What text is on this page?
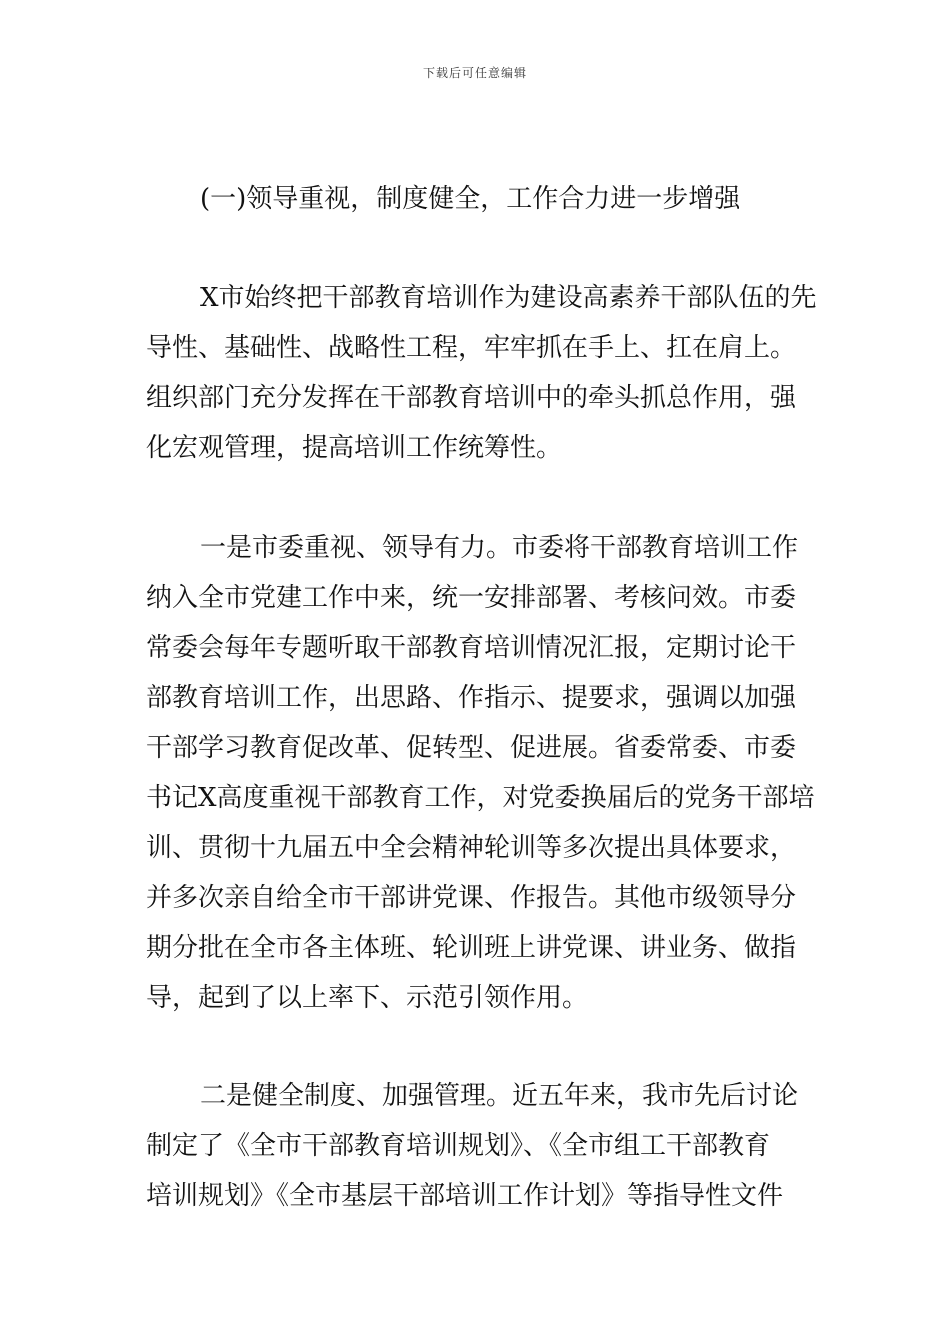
下载后可任意编辑
(一)领导重视，制度健全，工作合力进一步增强
X市始终把干部教育培训作为建设高素养干部队伍的先
导性、基础性、战略性工程，牢牢抓在手上、扛在肩上。
组织部门充分发挥在干部教育培训中的牵头抓总作用，强
化宏观管理，提高培训工作统筹性。
一是市委重视、领导有力。市委将干部教育培训工作
纳入全市党建工作中来，统一安排部署、考核问效。市委
常委会每年专题听取干部教育培训情况汇报，定期讨论干
部教育培训工作，出思路、作指示、提要求，强调以加强
干部学习教育促改革、促转型、促进展。省委常委、市委
书记X高度重视干部教育工作，对党委换届后的党务干部培
训、贯彻十九届五中全会精神轮训等多次提出具体要求，
并多次亲自给全市干部讲党课、作报告。其他市级领导分
期分批在全市各主体班、轮训班上讲党课、讲业务、做指
导，起到了以上率下、示范引领作用。
二是健全制度、加强管理。近五年来，我市先后讨论
制定了《全市干部教育培训规划》、《全市组工干部教育
培训规划》《全市基层干部培训工作计划》等指导性文件
